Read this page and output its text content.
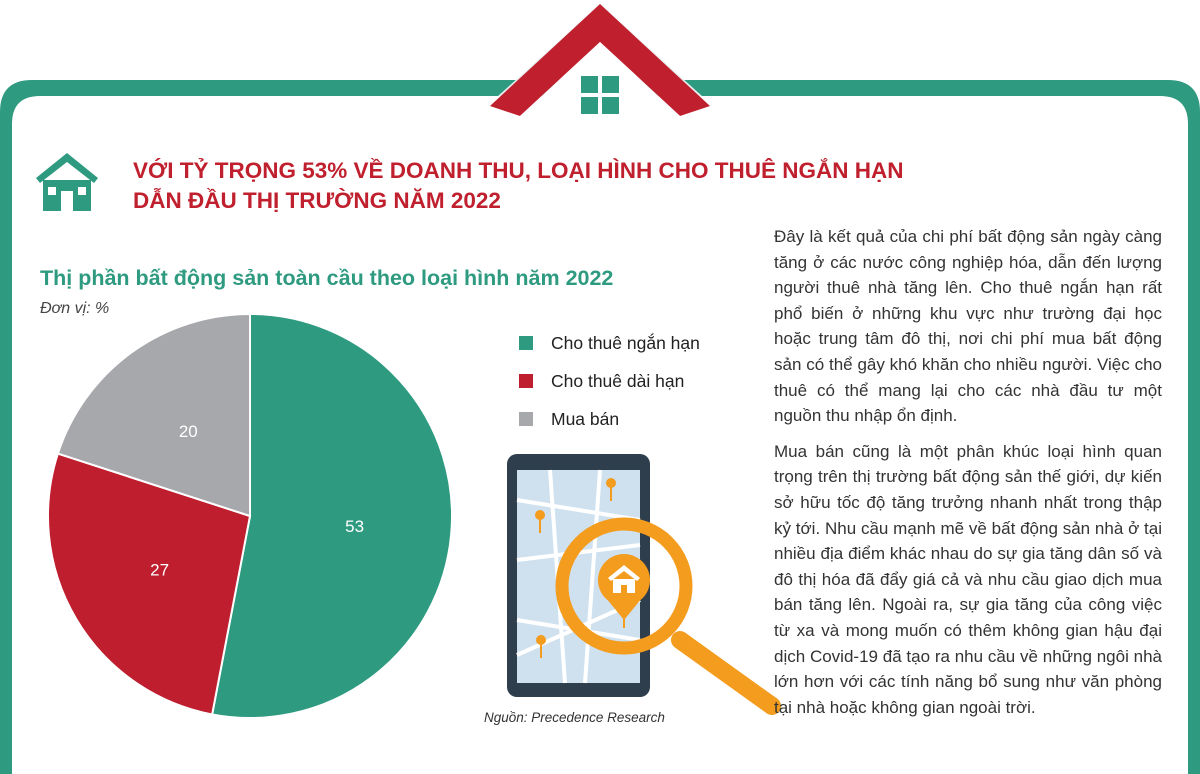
VỚI TỶ TRỌNG 53% VỀ DOANH THU, LOẠI HÌNH CHO THUÊ NGẮN HẠN
DẪN ĐẦU THỊ TRƯỜNG NĂM 2022
Thị phần bất động sản toàn cầu theo loại hình năm 2022
Đơn vị: %
53
27
20
Cho thuê ngắn hạn
Cho thuê dài hạn
Mua bán
Nguồn: Precedence Research

Đây là kết quả của chi phí bất động sản ngày càng tăng ở các nước công nghiệp hóa, dẫn đến lượng người thuê nhà tăng lên. Cho thuê ngắn hạn rất phổ biến ở những khu vực như trường đại học hoặc trung tâm đô thị, nơi chi phí mua bất động sản có thể gây khó khăn cho nhiều người. Việc cho thuê có thể mang lại cho các nhà đầu tư một nguồn thu nhập ổn định.

Mua bán cũng là một phân khúc loại hình quan trọng trên thị trường bất động sản thế giới, dự kiến sở hữu tốc độ tăng trưởng nhanh nhất trong thập kỷ tới. Nhu cầu mạnh mẽ về bất động sản nhà ở tại nhiều địa điểm khác nhau do sự gia tăng dân số và đô thị hóa đã đẩy giá cả và nhu cầu giao dịch mua bán tăng lên. Ngoài ra, sự gia tăng của công việc từ xa và mong muốn có thêm không gian hậu đại dịch Covid-19 đã tạo ra nhu cầu về những ngôi nhà lớn hơn với các tính năng bổ sung như văn phòng tại nhà hoặc không gian ngoài trời.
